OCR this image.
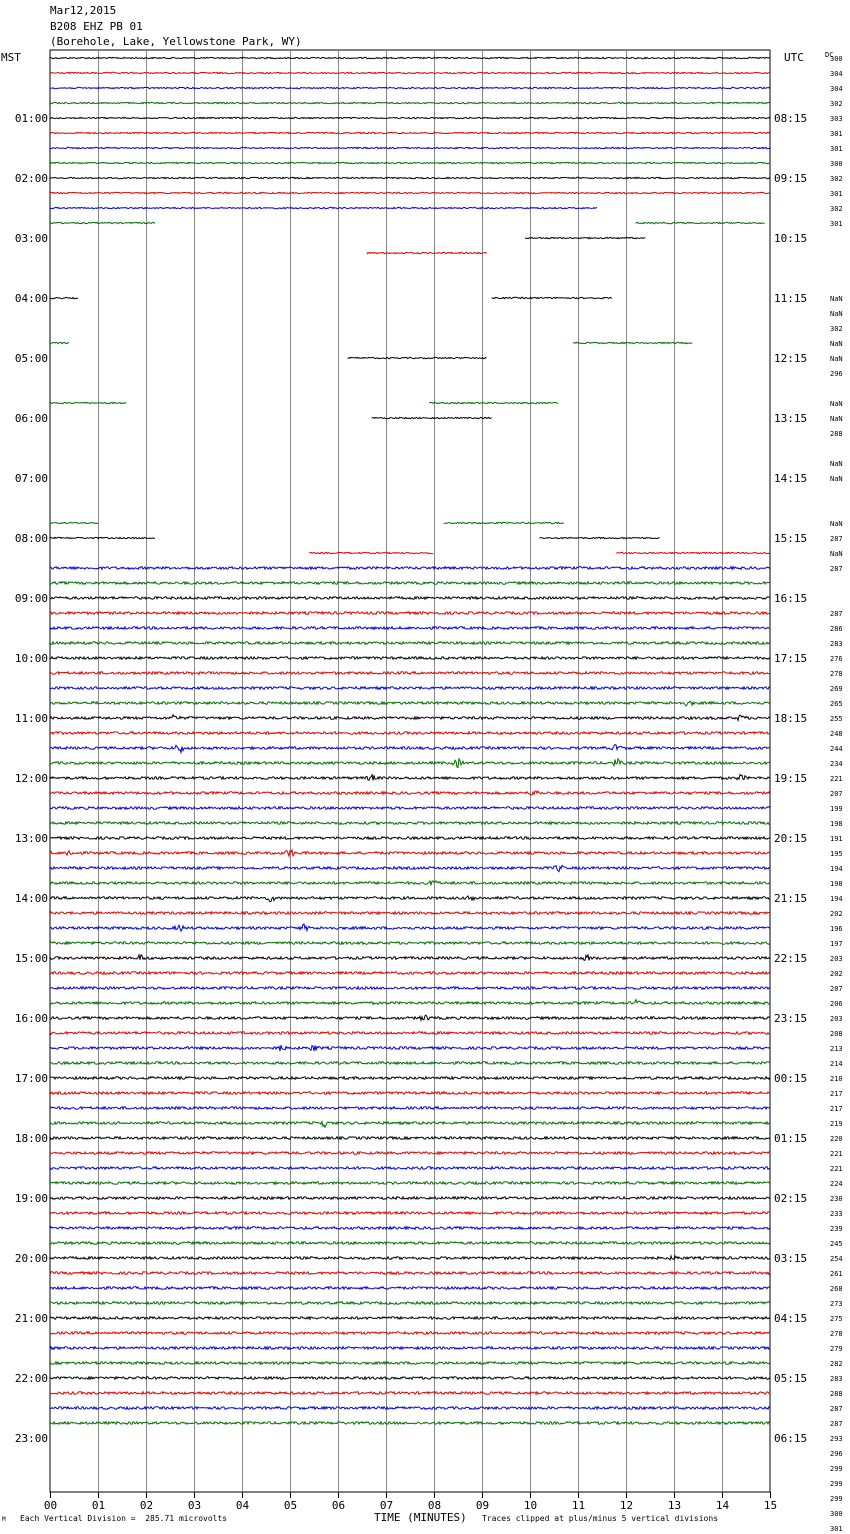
Mar12,2015
B208 EHZ PB 01
(Borehole, Lake, Yellowstone Park, WY)
00	01	02	03	04	05	06	07	08	09	10	11	12	13	14	15
MST	UTC	DC
01:00	08:15
02:00	09:15
03:00	10:15
04:00	11:15
05:00	12:15
06:00	13:15
07:00	14:15
08:00	15:15
09:00	16:15
10:00	17:15
11:00	18:15
12:00	19:15
13:00	20:15
14:00	21:15
15:00	22:15
16:00	23:15
17:00	00:15
18:00	01:15
19:00	02:15
20:00	03:15
21:00	04:15
22:00	05:15
23:00	06:15
300
304
304
302
303
301
301
300
302
301
302
301
NaN
NaN
302
NaN
NaN
296
NaN
NaN
288
NaN
NaN
NaN
287
NaN
287
287
286
283
276
278
269
265
255
248
244
234
221
207
199
198
191
195
194
198
194
202
196
197
203
202
207
206
203
208
213
214
210
217
217
219
220
221
221
224
230
233
239
245
254
261
268
273
275
278
279
282
283
288
287
287
293
296
299
299
299
300
301
M Each Vertical Division =  285.71 microvolts	TIME (MINUTES) Traces clipped at plus/minus 5 vertical divisions
